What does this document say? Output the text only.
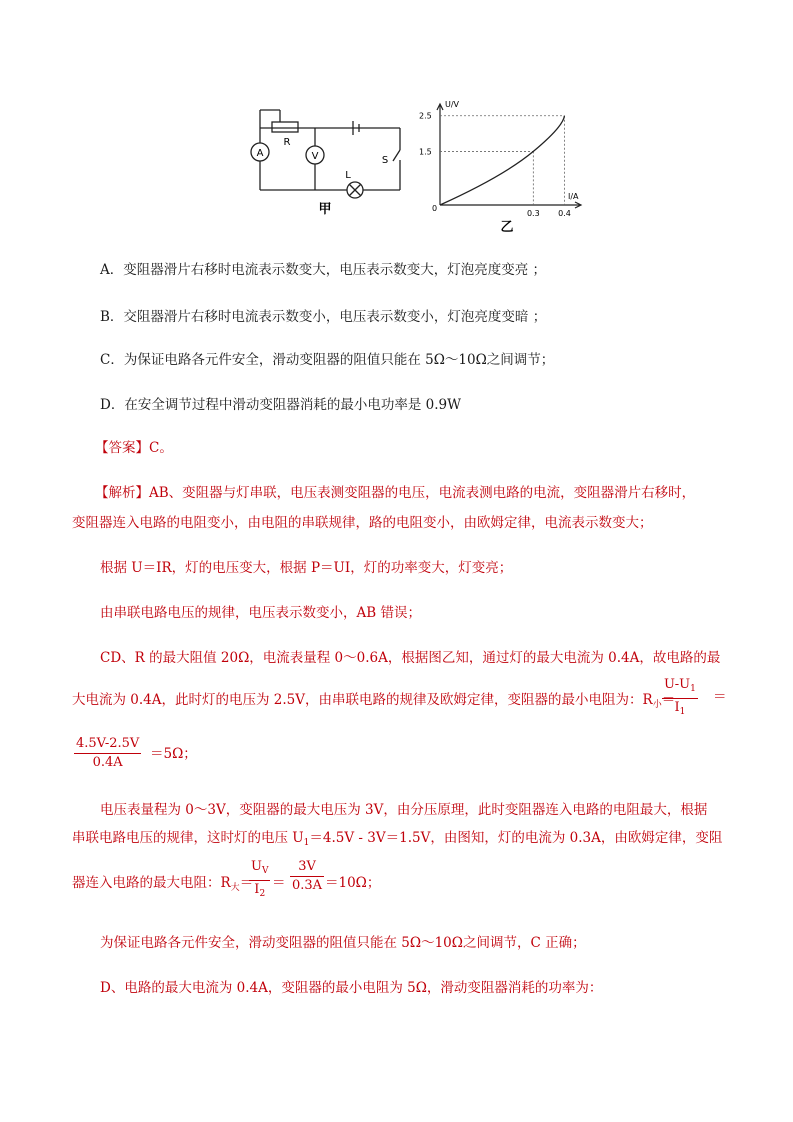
A	V
R
L
S
甲
U/V
I/A
0
2.5
1.5
0.3 0.4
乙
A．变阻器滑片右移时电流表示数变大，电压表示数变大，灯泡亮度变亮 ；
B．交阻器滑片右移时电流表示数变小，电压表示数变小，灯泡亮度变暗 ；
C．为保证电路各元件安全，滑动变阻器的阻值只能在 5Ω～10Ω之间调节；
D．在安全调节过程中滑动变阻器消耗的最小电功率是 0.9W
【答案】C。
【解析】AB、变阻器与灯串联，电压表测变阻器的电压，电流表测电路的电流，变阻器滑片右移时，
变阻器连入电路的电阻变小，由电阻的串联规律，路的电阻变小，由欧姆定律，电流表示数变大；
根据 U＝IR，灯的电压变大，根据 P＝UI，灯的功率变大，灯变亮；
由串联电路电压的规律，电压表示数变小，AB 错误；
CD、R 的最大阻值 20Ω，电流表量程 0～0.6A，根据图乙知，通过灯的最大电流为 0.4A，故电路的最
大电流为 0.4A，此时灯的电压为 2.5V，由串联电路的规律及欧姆定律，变阻器的最小电阻为：$R_小=$
$\frac{U-U_1}{I_1}$ ＝
$\frac{4.5V-2.5V}{0.4A} =5\Omega$；
电压表量程为 0～3V，变阻器的最大电压为 3V，由分压原理，此时变阻器连入电路的电阻最大，根据
串联电路电压的规律，这时灯的电压 $U_1=4.5V - 3V=1.5V$，由图知，灯的电流为 0.3A，由欧姆定律，变阻
器连入电路的最大电阻：$R_大=$
$\frac{U_V}{I_2} = \frac{3V}{0.3A} =10\Omega$；
为保证电路各元件安全，滑动变阻器的阻值只能在 5Ω～10Ω之间调节，C 正确；
D、电路的最大电流为 0.4A，变阻器的最小电阻为 5Ω，滑动变阻器消耗的功率为：
